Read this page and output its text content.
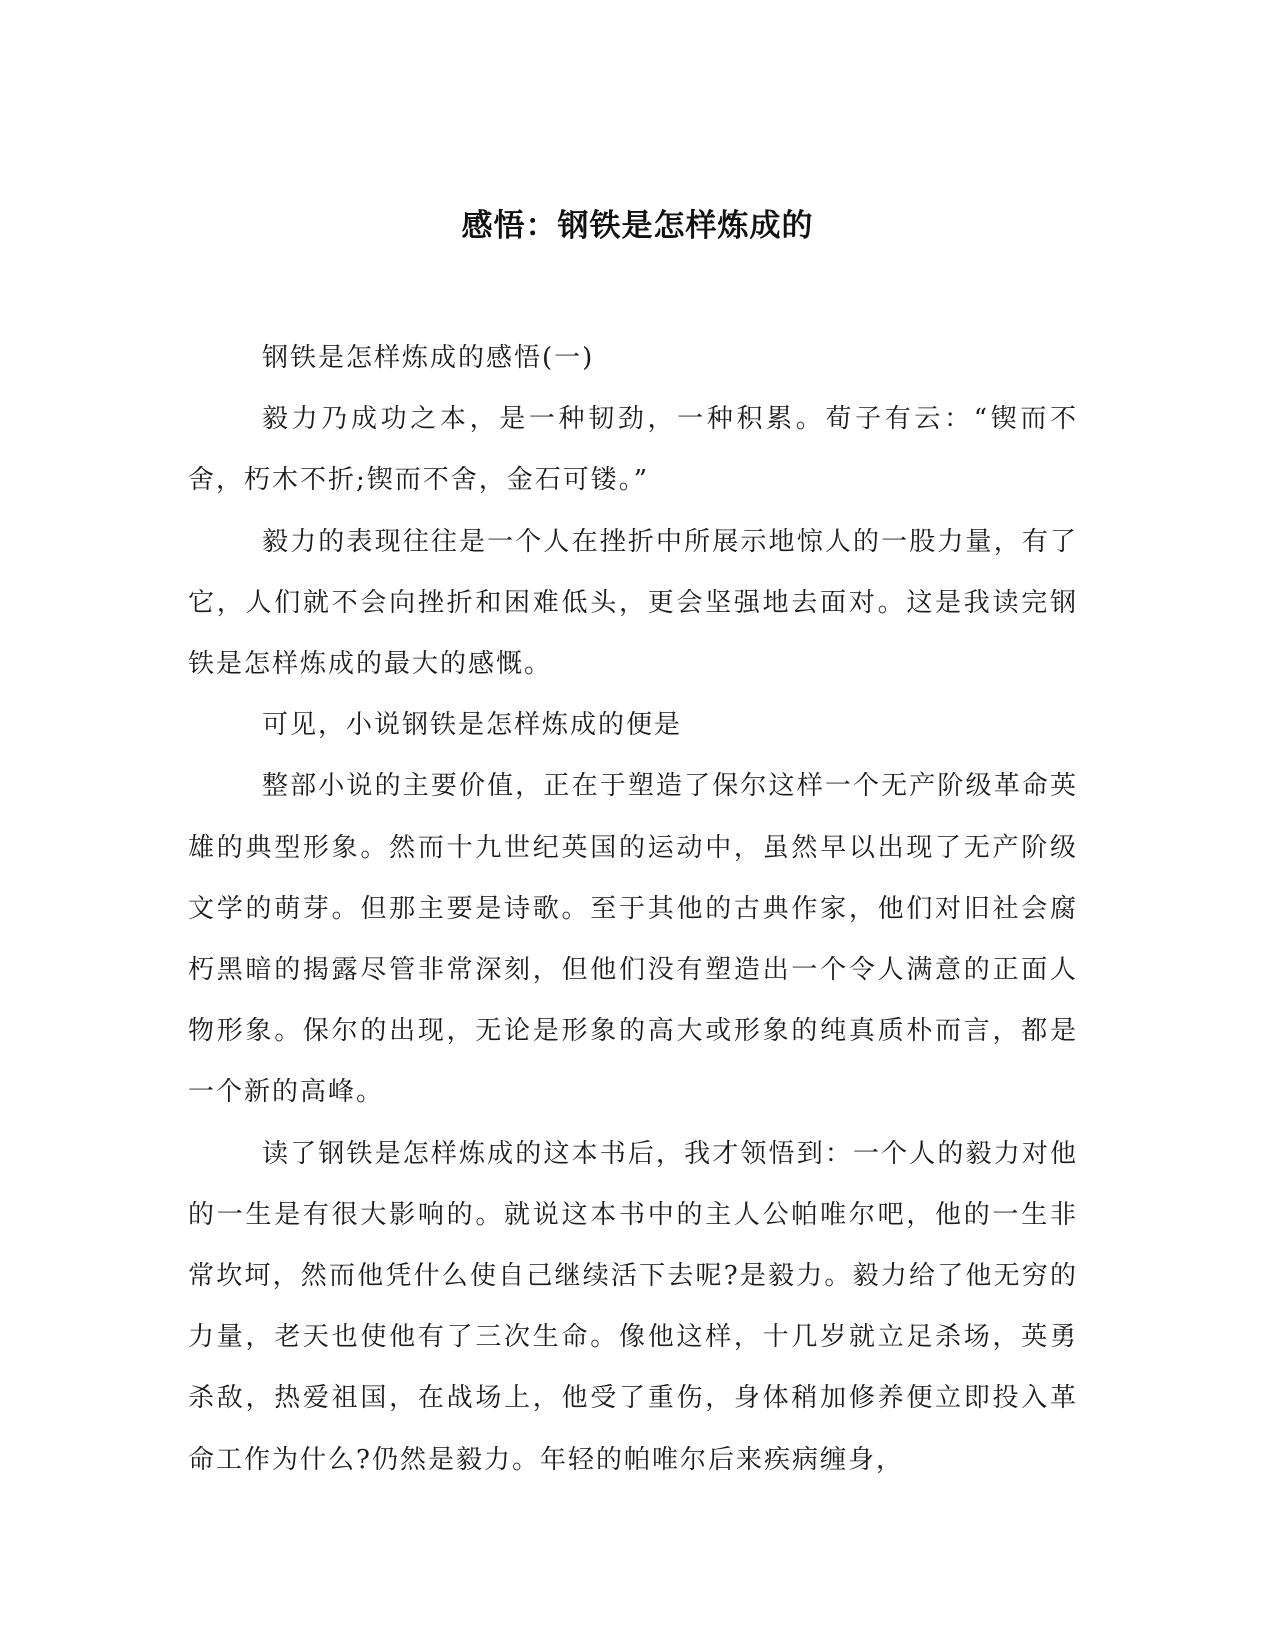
感悟：钢铁是怎样炼成的

钢铁是怎样炼成的感悟(一)

毅力乃成功之本，是一种韧劲，一种积累。荀子有云：“锲而不舍，朽木不折;锲而不舍，金石可镂。”

毅力的表现往往是一个人在挫折中所展示地惊人的一股力量，有了它，人们就不会向挫折和困难低头，更会坚强地去面对。这是我读完钢铁是怎样炼成的最大的感慨。

可见，小说钢铁是怎样炼成的便是

整部小说的主要价值，正在于塑造了保尔这样一个无产阶级革命英雄的典型形象。然而十九世纪英国的运动中，虽然早以出现了无产阶级文学的萌芽。但那主要是诗歌。至于其他的古典作家，他们对旧社会腐朽黑暗的揭露尽管非常深刻，但他们没有塑造出一个令人满意的正面人物形象。保尔的出现，无论是形象的高大或形象的纯真质朴而言，都是一个新的高峰。

读了钢铁是怎样炼成的这本书后，我才领悟到：一个人的毅力对他的一生是有很大影响的。就说这本书中的主人公帕唯尔吧，他的一生非常坎坷，然而他凭什么使自己继续活下去呢?是毅力。毅力给了他无穷的力量，老天也使他有了三次生命。像他这样，十几岁就立足杀场，英勇杀敌，热爱祖国，在战场上，他受了重伤，身体稍加修养便立即投入革命工作为什么?仍然是毅力。年轻的帕唯尔后来疾病缠身，
